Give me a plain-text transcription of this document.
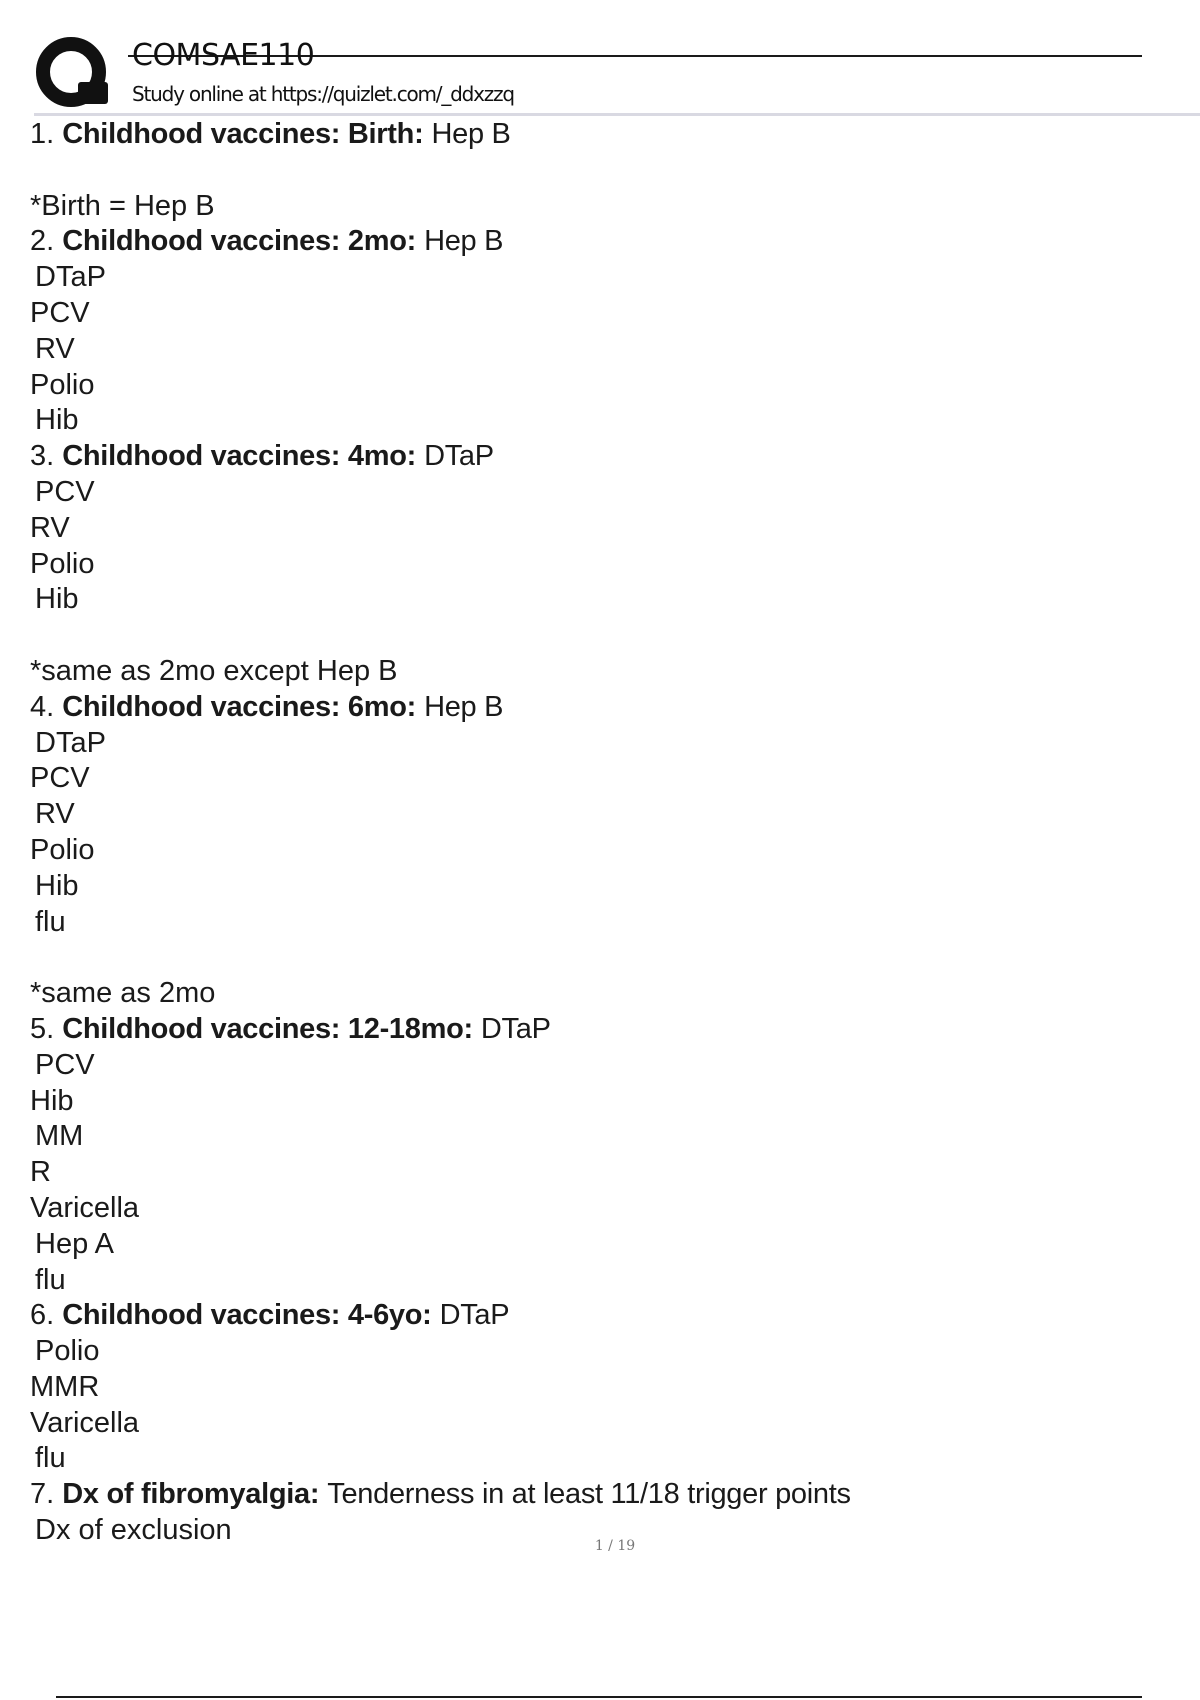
COMSAE110
Study online at https://quizlet.com/_ddxzzq
1. Childhood vaccines: Birth: Hep B
*Birth = Hep B
2. Childhood vaccines: 2mo: Hep B
DTaP
PCV
RV
Polio
Hib
3. Childhood vaccines: 4mo: DTaP
PCV
RV
Polio
Hib
*same as 2mo except Hep B
4. Childhood vaccines: 6mo: Hep B
DTaP
PCV
RV
Polio
Hib
flu
*same as 2mo
5. Childhood vaccines: 12-18mo: DTaP
PCV
Hib
MM
R
Varicella
Hep A
flu
6. Childhood vaccines: 4-6yo: DTaP
Polio
MMR
Varicella
flu
7. Dx of fibromyalgia: Tenderness in at least 11/18 trigger points
Dx of exclusion	1 / 19
